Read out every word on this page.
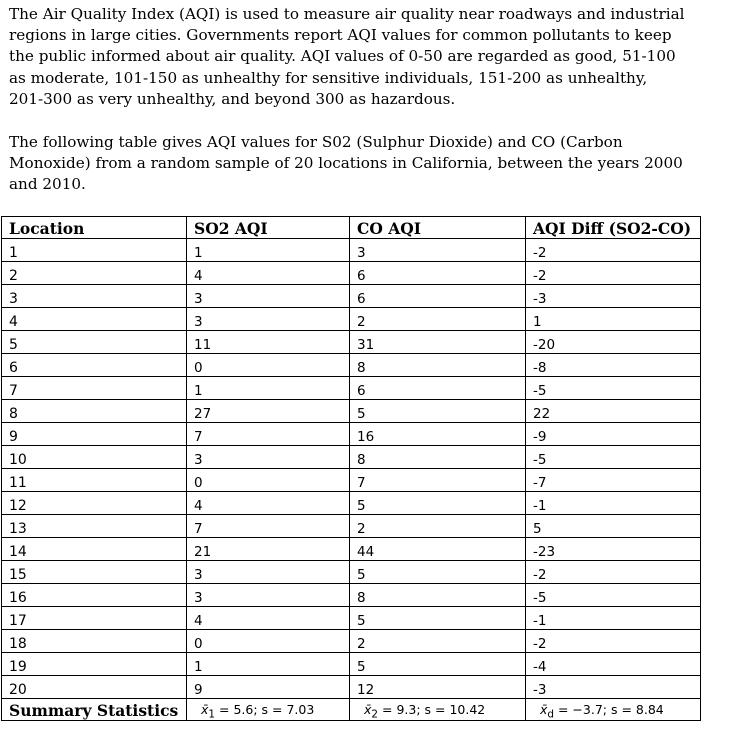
The Air Quality Index (AQI) is used to measure air quality near roadways and industrial
regions in large cities. Governments report AQI values for common pollutants to keep
the public informed about air quality. AQI values of 0-50 are regarded as good, 51-100
as moderate, 101-150 as unhealthy for sensitive individuals, 151-200 as unhealthy,
201-300 as very unhealthy, and beyond 300 as hazardous.
The following table gives AQI values for S02 (Sulphur Dioxide) and CO (Carbon
Monoxide) from a random sample of 20 locations in California, between the years 2000
and 2010.
Location	SO2 AQI	CO AQI	AQI Diff (SO2-CO)
1	1	3	-2
2	4	6	-2
3	3	6	-3
4	3	2	1
5	11	31	-20
6	0	8	-8
7	1	6	-5
8	27	5	22
9	7	16	-9
10	3	8	-5
11	0	7	-7
12	4	5	-1
13	7	2	5
14	21	44	-23
15	3	5	-2
16	3	8	-5
17	4	5	-1
18	0	2	-2
19	1	5	-4
20	9	12	-3
Summary Statistics	$x̄_1 = 5.6$; s = 7.03	$x̄_2 = 9.3$; s = 10.42	$x̄_d = -3.7$; s = 8.84
